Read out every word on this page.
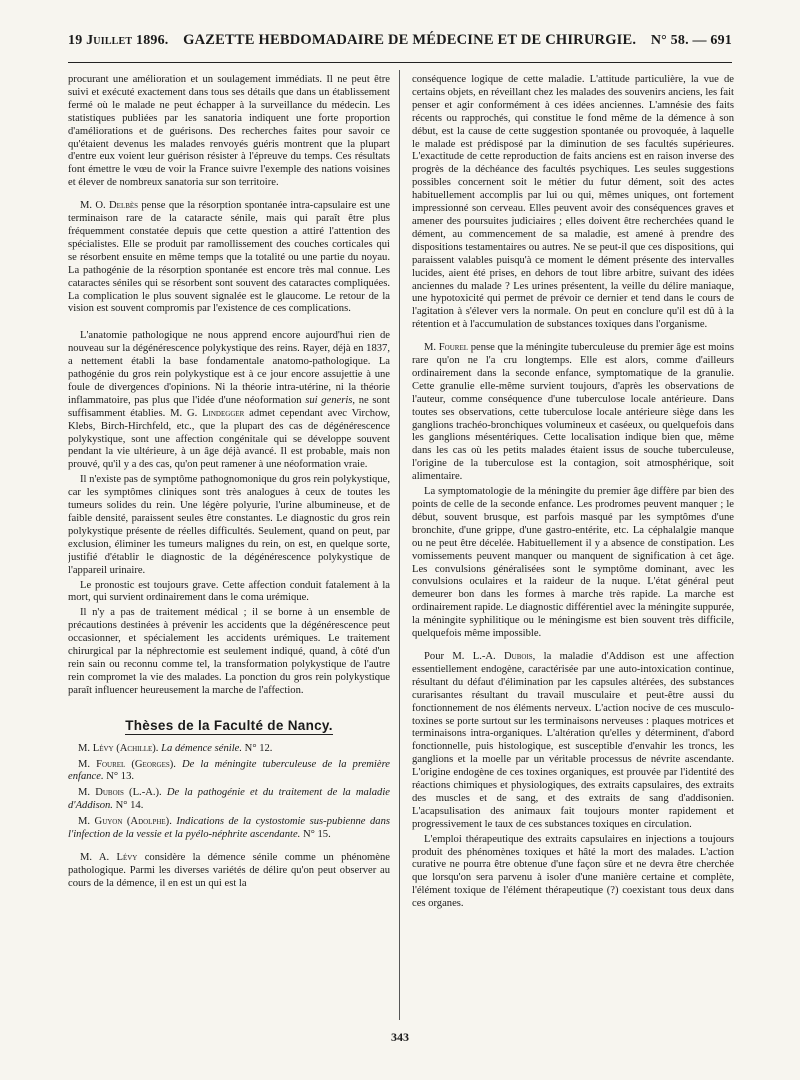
19 Juillet 1896. GAZETTE HEBDOMADAIRE DE MÉDECINE ET DE CHIRURGIE. N° 58. — 691

procurant une amélioration et un soulagement immédiats. Il ne peut être suivi et exécuté exactement dans tous ses détails que dans un établissement fermé où le malade ne peut échapper à la surveillance du médecin. Les statistiques publiées par les sanatoria indiquent une forte proportion d'améliorations et de guérisons. Des recherches faites pour savoir ce qu'étaient devenus les malades renvoyés guéris montrent que la plupart d'entre eux voient leur guérison résister à l'épreuve du temps. Ces résultats font émettre le vœu de voir la France suivre l'exemple des nations voisines et élever de nombreux sanatoria sur son territoire.

M. O. Delbès pense que la résorption spontanée intra-capsulaire est une terminaison rare de la cataracte sénile, mais qui paraît être plus fréquemment constatée depuis que cette question a attiré l'attention des spécialistes. Elle se produit par ramollissement des couches corticales qui se résorbent ensuite en même temps que la totalité ou une partie du noyau. La pathogénie de la résorption spontanée est encore très mal connue. Les cataractes séniles qui se résorbent sont souvent des cataractes compliquées. La complication le plus souvent signalée est le glaucome. Le retour de la vision est souvent compromis par l'existence de ces complications.

L'anatomie pathologique ne nous apprend encore aujourd'hui rien de nouveau sur la dégénérescence polykystique des reins. Rayer, déjà en 1837, a nettement établi la base fondamentale anatomo-pathologique. La pathogénie du gros rein polykystique est à ce jour encore assujettie à une foule de divergences d'opinions. Ni la théorie intra-utérine, ni la théorie inflammatoire, pas plus que l'idée d'une néoformation sui generis, ne sont suffisamment établies. M. G. Lindegger admet cependant avec Virchow, Klebs, Birch-Hirchfeld, etc., que la plupart des cas de dégénérescence polykystique, sont une affection congénitale qui se développe souvent pendant la vie ultérieure, à un âge déjà avancé. Il est probable, mais non prouvé, qu'il y a des cas, qu'on peut ramener à une néoformation vraie.

Il n'existe pas de symptôme pathognomonique du gros rein polykystique, car les symptômes cliniques sont très analogues à ceux de toutes les tumeurs solides du rein. Une légère polyurie, l'urine albumineuse, et de faible densité, paraissent seules être constantes. Le diagnostic du gros rein polykystique présente de réelles difficultés. Seulement, quand on peut, par exclusion, éliminer les tumeurs malignes du rein, on est, en quelque sorte, justifié d'établir le diagnostic de la dégénérescence polykystique de l'appareil urinaire.

Le pronostic est toujours grave. Cette affection conduit fatalement à la mort, qui survient ordinairement dans le coma urémique.

Il n'y a pas de traitement médical ; il se borne à un ensemble de précautions destinées à prévenir les accidents que la dégénérescence peut occasionner, et spécialement les accidents urémiques. Le traitement chirurgical par la néphrectomie est seulement indiqué, quand, à côté d'un rein sain ou reconnu comme tel, la transformation polykystique de l'autre rein compromet la vie des malades. La ponction du gros rein polykystique paraît influencer heureusement la marche de l'affection.

Thèses de la Faculté de Nancy.

M. Lévy (Achille). La démence sénile. N° 12.

M. Fourel (Georges). De la méningite tuberculeuse de la première enfance. N° 13.

M. Dubois (L.-A.). De la pathogénie et du traitement de la maladie d'Addison. N° 14.

M. Guyon (Adolphe). Indications de la cystostomie sus-pubienne dans l'infection de la vessie et la pyélo-néphrite ascendante. N° 15.

M. A. Lévy considère la démence sénile comme un phénomène pathologique. Parmi les diverses variétés de délire qu'on peut observer au cours de la démence, il en est un qui est la

conséquence logique de cette maladie. L'attitude particulière, la vue de certains objets, en réveillant chez les malades des souvenirs anciens, les fait penser et agir conformément à ces idées anciennes. L'amnésie des faits récents ou rapprochés, qui constitue le fond même de la démence à son début, est la cause de cette suggestion spontanée ou provoquée, à laquelle le malade est prédisposé par la diminution de ses facultés supérieures. L'exactitude de cette reproduction de faits anciens est en raison inverse des progrès de la déchéance des facultés psychiques. Les seules suggestions possibles concernent soit le métier du futur dément, soit des actes habituellement accomplis par lui ou qui, mêmes uniques, ont fortement impressionné son cerveau. Elles peuvent avoir des conséquences graves et amener des poursuites judiciaires ; elles doivent être recherchées quand le dément, au commencement de sa maladie, est amené à prendre des dispositions testamentaires ou autres. Ne se peut-il que ces dispositions, qui paraissent valables puisqu'à ce moment le dément présente des intervalles lucides, aient été prises, en dehors de tout libre arbitre, suivant des idées anciennes du malade ? Les urines présentent, la veille du délire maniaque, une hypotoxicité qui permet de prévoir ce dernier et tend dans le cours de l'agitation à s'élever vers la normale. On peut en conclure qu'il est dû à la rétention et à l'accumulation de substances toxiques dans l'organisme.

M. Fourel pense que la méningite tuberculeuse du premier âge est moins rare qu'on ne l'a cru longtemps. Elle est alors, comme d'ailleurs ordinairement dans la seconde enfance, symptomatique de la granulie. Cette granulie elle-même survient toujours, d'après les observations de l'auteur, comme conséquence d'une tuberculose locale antérieure. Dans toutes ses observations, cette tuberculose locale antérieure siège dans les ganglions trachéo-bronchiques volumineux et caséeux, ou quelquefois dans les ganglions mésentériques. Cette localisation indique bien que, même dans les cas où les petits malades étaient issus de souche tuberculeuse, l'origine de la tuberculose est la contagion, soit atmosphérique, soit alimentaire.

La symptomatologie de la méningite du premier âge diffère par bien des points de celle de la seconde enfance. Les prodromes peuvent manquer ; le début, souvent brusque, est parfois masqué par les symptômes d'une bronchite, d'une grippe, d'une gastro-entérite, etc. La céphalalgie manque ou ne peut être décelée. Habituellement il y a absence de constipation. Les vomissements peuvent manquer ou manquent de signification à cet âge. Les convulsions généralisées sont le symptôme dominant, avec les convulsions oculaires et la raideur de la nuque. L'état général peut demeurer bon dans les formes à marche très rapide. La marche est ordinairement rapide. Le diagnostic différentiel avec la méningite suppurée, la méningite syphilitique ou le méningisme est bien souvent très difficile, quelquefois même impossible.

Pour M. L.-A. Dubois, la maladie d'Addison est une affection essentiellement endogène, caractérisée par une auto-intoxication continue, résultant du défaut d'élimination par les capsules altérées, des substances curarisantes résultant du travail musculaire et peut-être aussi du fonctionnement de nos éléments nerveux. L'action nocive de ces musculo-toxines se porte surtout sur les terminaisons nerveuses : plaques motrices et terminaisons intra-organiques. L'altération qu'elles y déterminent, d'abord fonctionnelle, puis histologique, est susceptible d'envahir les troncs, les ganglions et la moelle par un véritable processus de névrite ascendante. L'origine endogène de ces toxines organiques, est prouvée par l'identité des réactions chimiques et physiologiques, des extraits capsulaires, des extraits des muscles et de sang, et des extraits de sang d'addisonien. L'acapsulisation des animaux fait toujours monter rapidement et progressivement le taux de ces substances toxiques en circulation.

L'emploi thérapeutique des extraits capsulaires en injections a toujours produit des phénomènes toxiques et hâté la mort des malades. L'action curative ne pourra être obtenue d'une façon sûre et ne devra être cherchée que lorsqu'on sera parvenu à isoler d'une manière certaine et complète, l'élément toxique de l'élément thérapeutique (?) coexistant tous deux dans ces organes.

343
